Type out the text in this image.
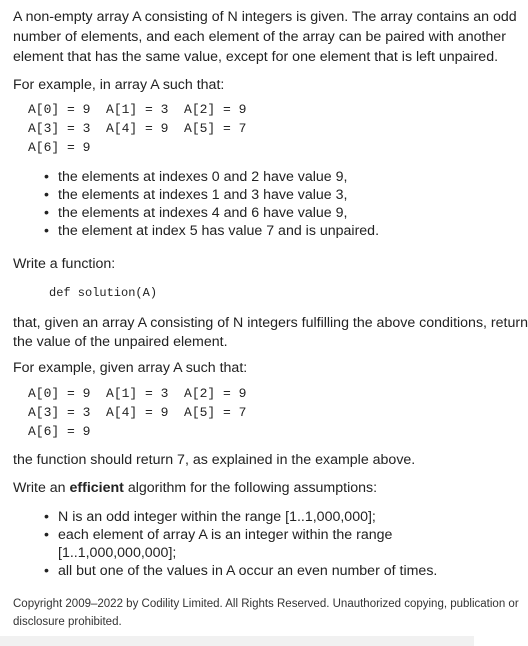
A non-empty array A consisting of N integers is given. The array contains an odd
number of elements, and each element of the array can be paired with another
element that has the same value, except for one element that is left unpaired.
For example, in array A such that:
A[0] = 9  A[1] = 3  A[2] = 9
A[3] = 3  A[4] = 9  A[5] = 7
A[6] = 9
• the elements at indexes 0 and 2 have value 9,
• the elements at indexes 1 and 3 have value 3,
• the elements at indexes 4 and 6 have value 9,
• the element at index 5 has value 7 and is unpaired.
Write a function:
def solution(A)
that, given an array A consisting of N integers fulfilling the above conditions, return
the value of the unpaired element.
For example, given array A such that:
A[0] = 9  A[1] = 3  A[2] = 9
A[3] = 3  A[4] = 9  A[5] = 7
A[6] = 9
the function should return 7, as explained in the example above.
Write an efficient algorithm for the following assumptions:
• N is an odd integer within the range [1..1,000,000];
• each element of array A is an integer within the range
[1..1,000,000,000];
• all but one of the values in A occur an even number of times.
Copyright 2009–2022 by Codility Limited. All Rights Reserved. Unauthorized copying, publication or
disclosure prohibited.
